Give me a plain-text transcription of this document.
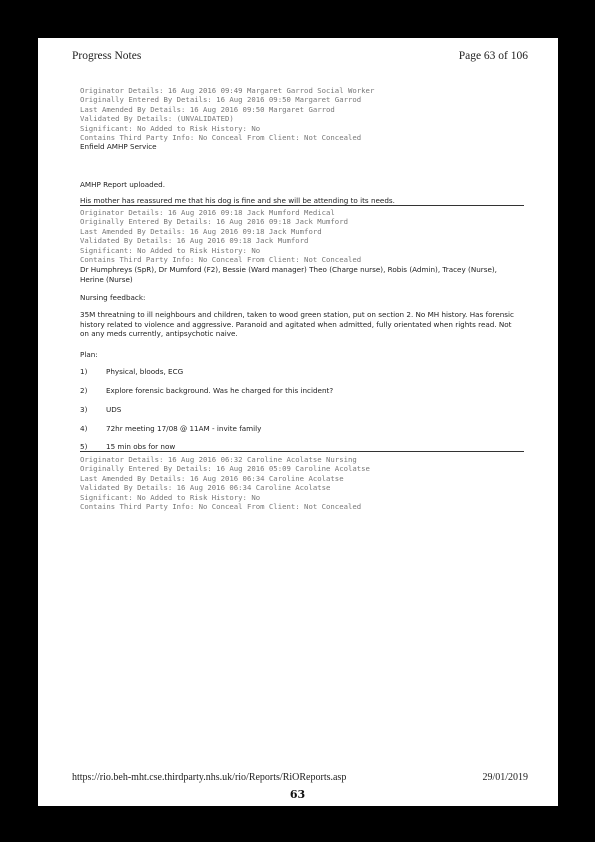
Progress Notes	Page 63 of 106
Originator Details: 16 Aug 2016 09:49 Margaret Garrod Social Worker
Originally Entered By Details: 16 Aug 2016 09:50 Margaret Garrod
Last Amended By Details: 16 Aug 2016 09:50 Margaret Garrod
Validated By Details: (UNVALIDATED)
Significant: No Added to Risk History: No
Contains Third Party Info: No Conceal From Client: Not Concealed
Enfield AMHP Service
AMHP Report uploaded.
His mother has reassured me that his dog is fine and she will be attending to its needs.
Originator Details: 16 Aug 2016 09:18 Jack Mumford Medical
Originally Entered By Details: 16 Aug 2016 09:18 Jack Mumford
Last Amended By Details: 16 Aug 2016 09:18 Jack Mumford
Validated By Details: 16 Aug 2016 09:18 Jack Mumford
Significant: No Added to Risk History: No
Contains Third Party Info: No Conceal From Client: Not Concealed
Dr Humphreys (SpR), Dr Mumford (F2), Bessie (Ward manager) Theo (Charge nurse), Robis (Admin), Tracey (Nurse), Herine (Nurse)
Nursing feedback:
35M threatning to ill neighbours and children, taken to wood green station, put on section 2. No MH history. Has forensic history related to violence and aggressive. Paranoid and agitated when admitted, fully orientated when rights read. Not on any meds currently, antipsychotic naive.
Plan:
1)	Physical, bloods, ECG
2)	Explore forensic background. Was he charged for this incident?
3)	UDS
4)	72hr meeting 17/08 @ 11AM - invite family
5)	15 min obs for now
Originator Details: 16 Aug 2016 06:32 Caroline Acolatse Nursing
Originally Entered By Details: 16 Aug 2016 05:09 Caroline Acolatse
Last Amended By Details: 16 Aug 2016 06:34 Caroline Acolatse
Validated By Details: 16 Aug 2016 06:34 Caroline Acolatse
Significant: No Added to Risk History: No
Contains Third Party Info: No Conceal From Client: Not Concealed
https://rio.beh-mht.cse.thirdparty.nhs.uk/rio/Reports/RiOReports.asp	29/01/2019
63
